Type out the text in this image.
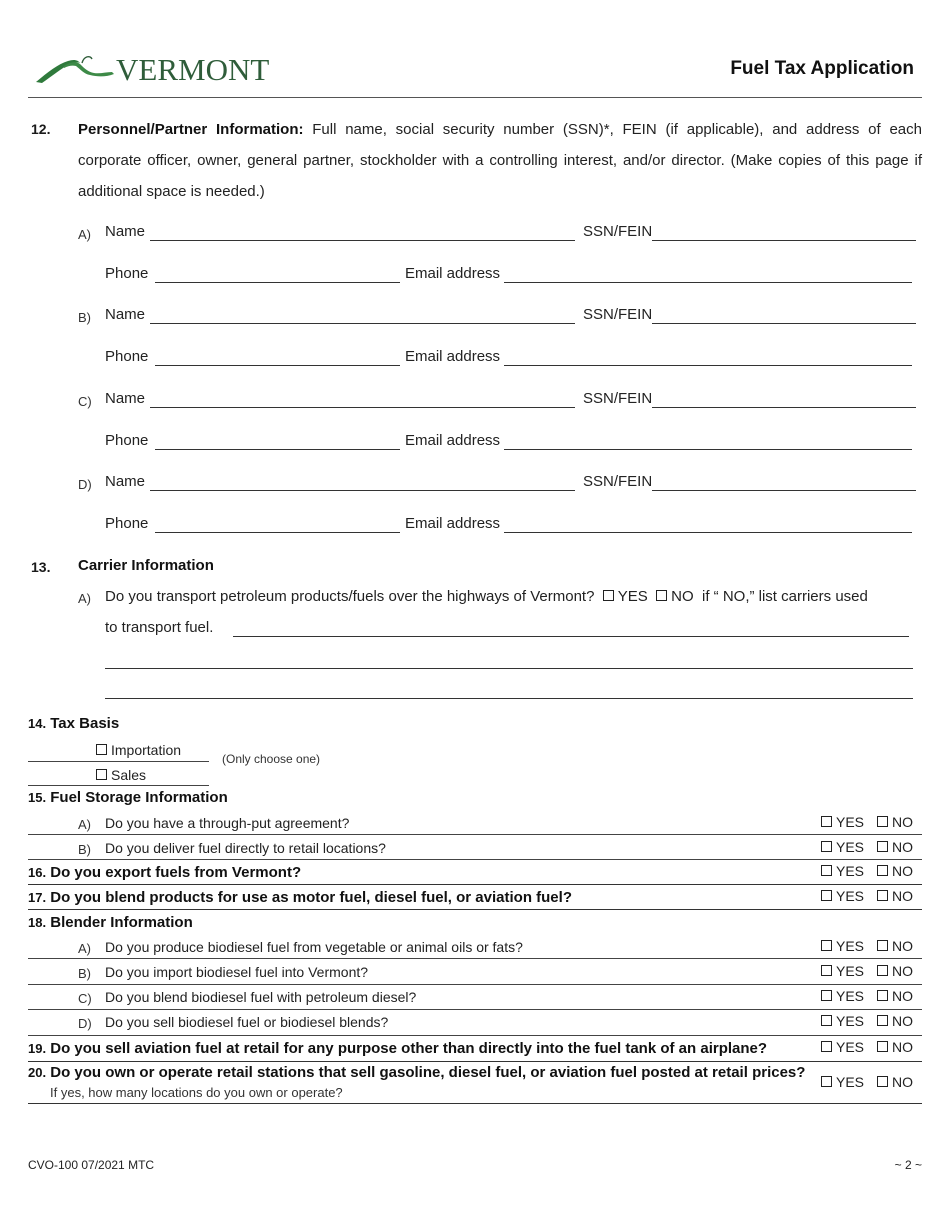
VERMONT	Fuel Tax Application
12. Personnel/Partner Information: Full name, social security number (SSN)*, FEIN (if applicable), and address of each corporate officer, owner, general partner, stockholder with a controlling interest, and/or director. (Make copies of this page if additional space is needed.)
A) Name	SSN/FEIN
Phone	Email address
B) Name	SSN/FEIN
Phone	Email address
C) Name	SSN/FEIN
Phone	Email address
D) Name	SSN/FEIN
Phone	Email address
13. Carrier Information
A) Do you transport petroleum products/fuels over the highways of Vermont? YES NO if “ NO,” list carriers used
to transport fuel.
14. Tax Basis
Importation
(Only choose one)
Sales
15. Fuel Storage Information
A) Do you have a through-put agreement?	YES	NO
B) Do you deliver fuel directly to retail locations?	YES	NO
16. Do you export fuels from Vermont?	YES	NO
17. Do you blend products for use as motor fuel, diesel fuel, or aviation fuel?	YES	NO
A) Do you produce biodiesel fuel from vegetable or animal oils or fats?	YES	NO
B) Do you import biodiesel fuel into Vermont?	YES	NO
C) Do you blend biodiesel fuel with petroleum diesel?	YES	NO
D) Do you sell biodiesel fuel or biodiesel blends?	YES	NO
19. Do you sell aviation fuel at retail for any purpose other than directly into the fuel tank of an airplane?	YES	NO
20. Do you own or operate retail stations that sell gasoline, diesel fuel, or aviation fuel posted at retail prices?
If yes, how many locations do you own or operate?
YES	NO
18. Blender Information
CVO-100 07/2021 MTC	~ 2 ~
